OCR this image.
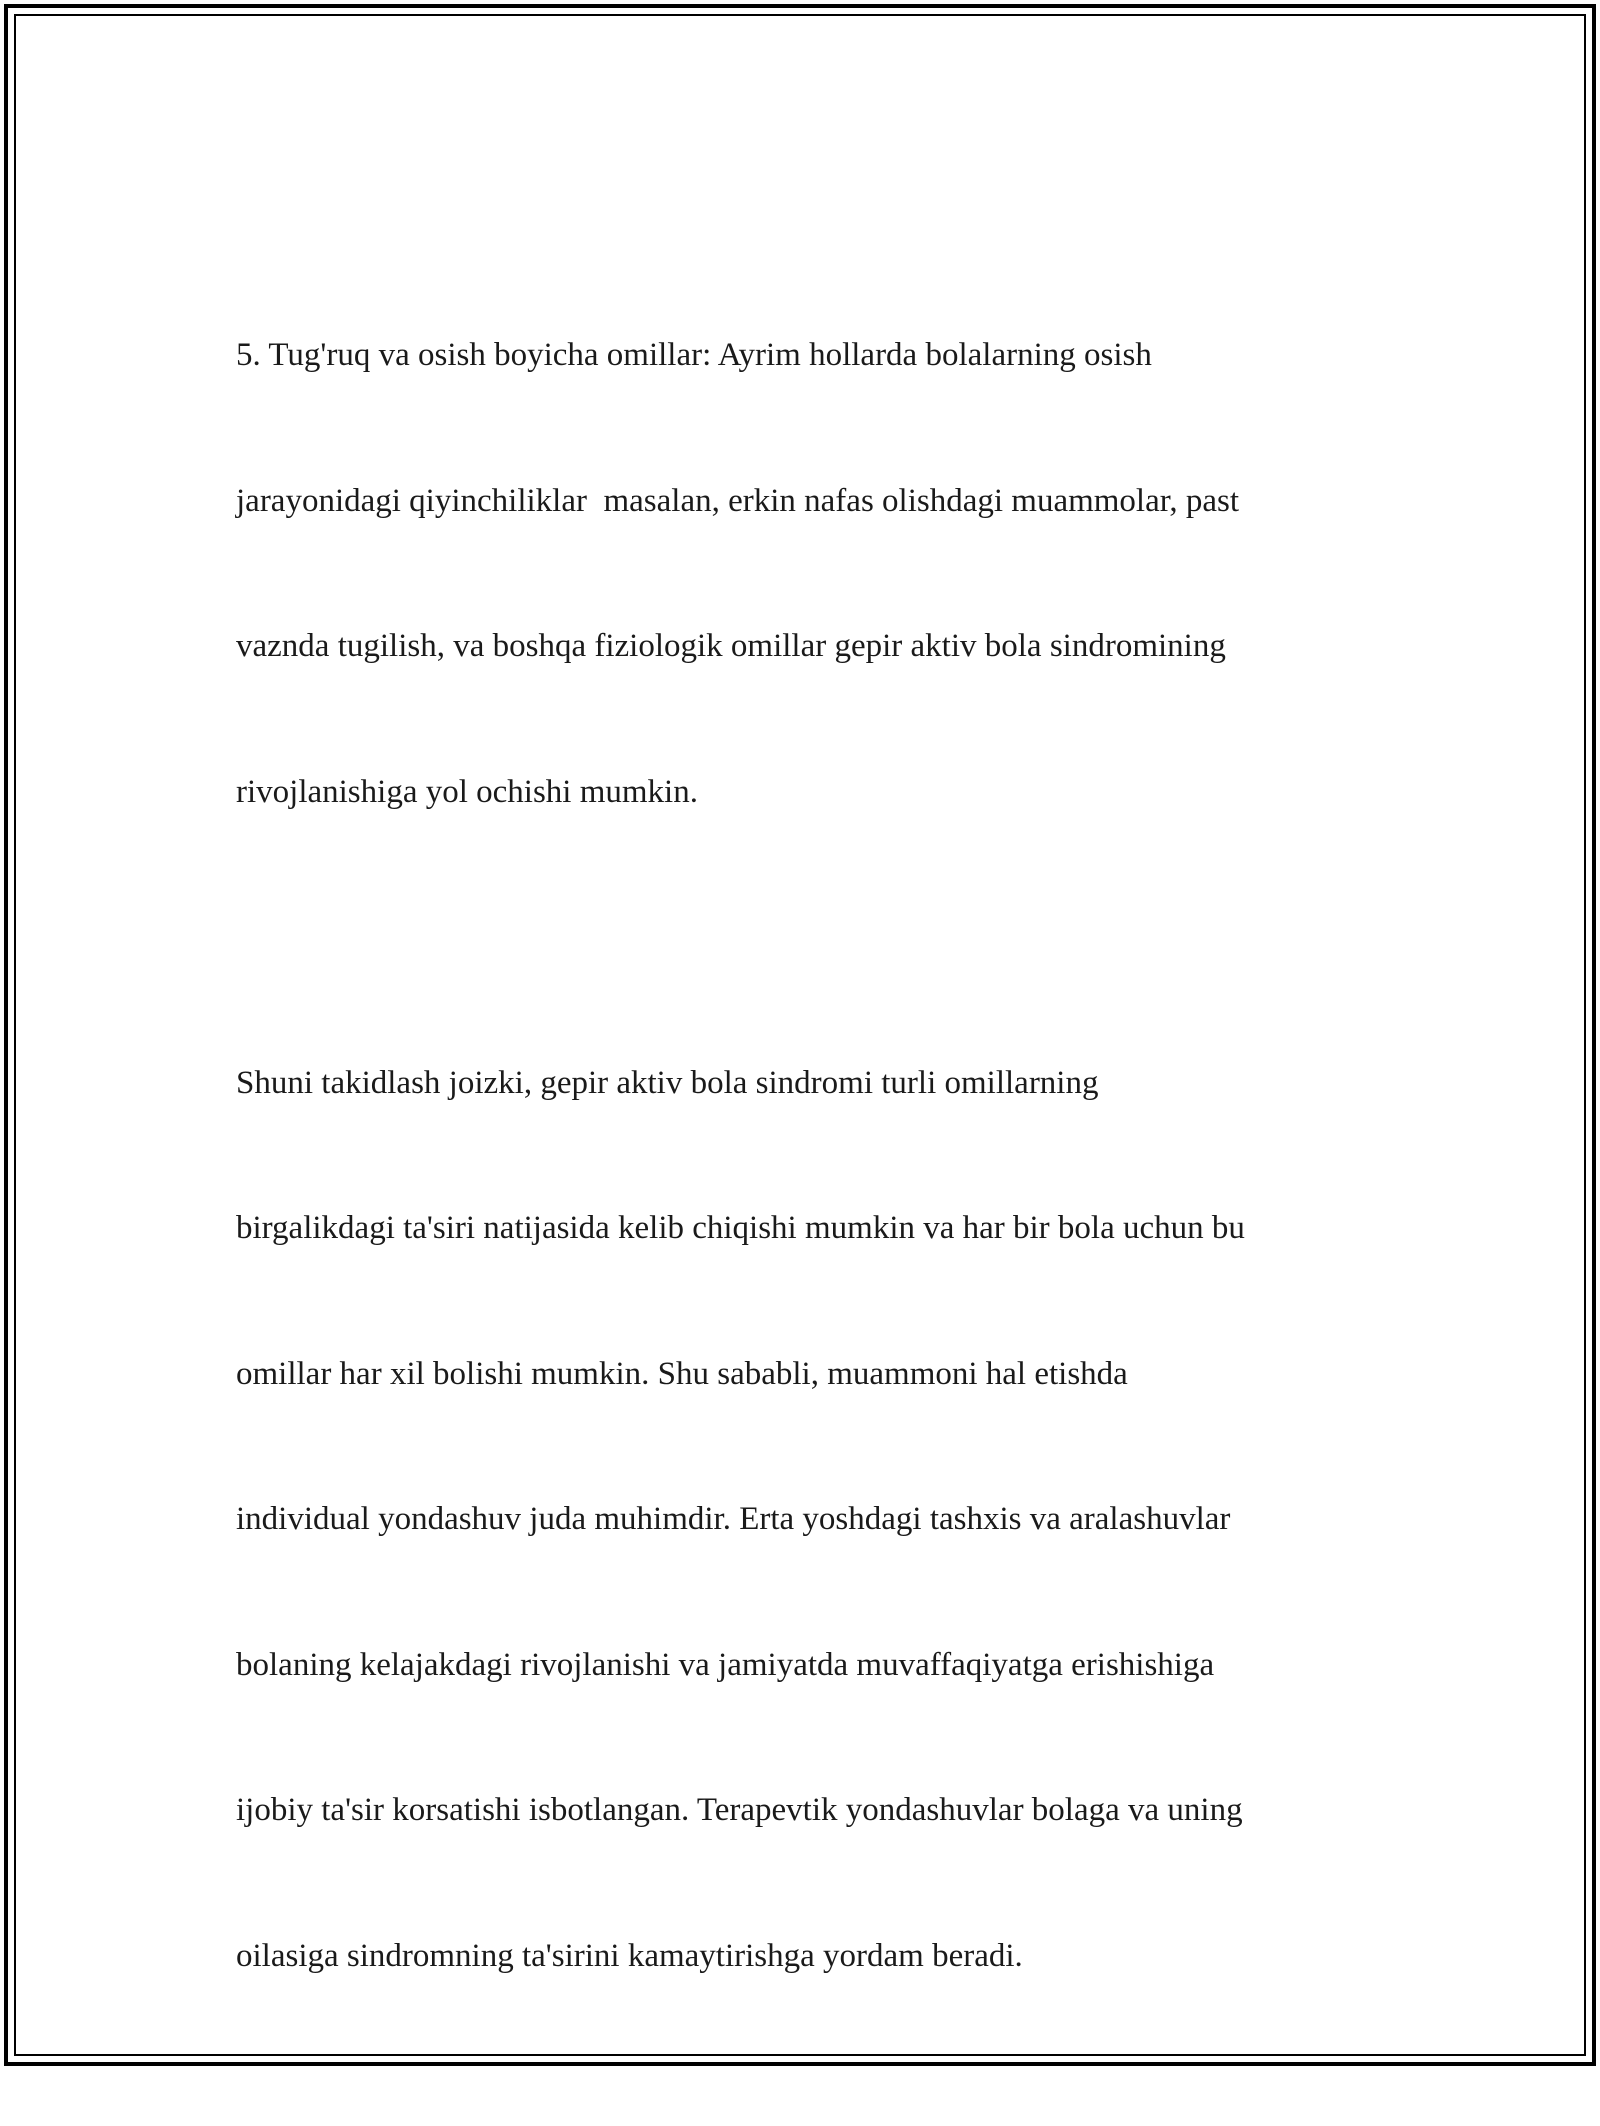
5. Tug'ruq va osish boyicha omillar: Ayrim hollarda bolalarning osish

jarayonidagi qiyinchiliklar  masalan, erkin nafas olishdagi muammolar, past

vaznda tugilish, va boshqa fiziologik omillar gepir aktiv bola sindromining

rivojlanishiga yol ochishi mumkin.

Shuni takidlash joizki, gepir aktiv bola sindromi turli omillarning

birgalikdagi ta'siri natijasida kelib chiqishi mumkin va har bir bola uchun bu

omillar har xil bolishi mumkin. Shu sababli, muammoni hal etishda

individual yondashuv juda muhimdir. Erta yoshdagi tashxis va aralashuvlar

bolaning kelajakdagi rivojlanishi va jamiyatda muvaffaqiyatga erishishiga

ijobiy ta'sir korsatishi isbotlangan. Terapevtik yondashuvlar bolaga va uning

oilasiga sindromning ta'sirini kamaytirishga yordam beradi.
